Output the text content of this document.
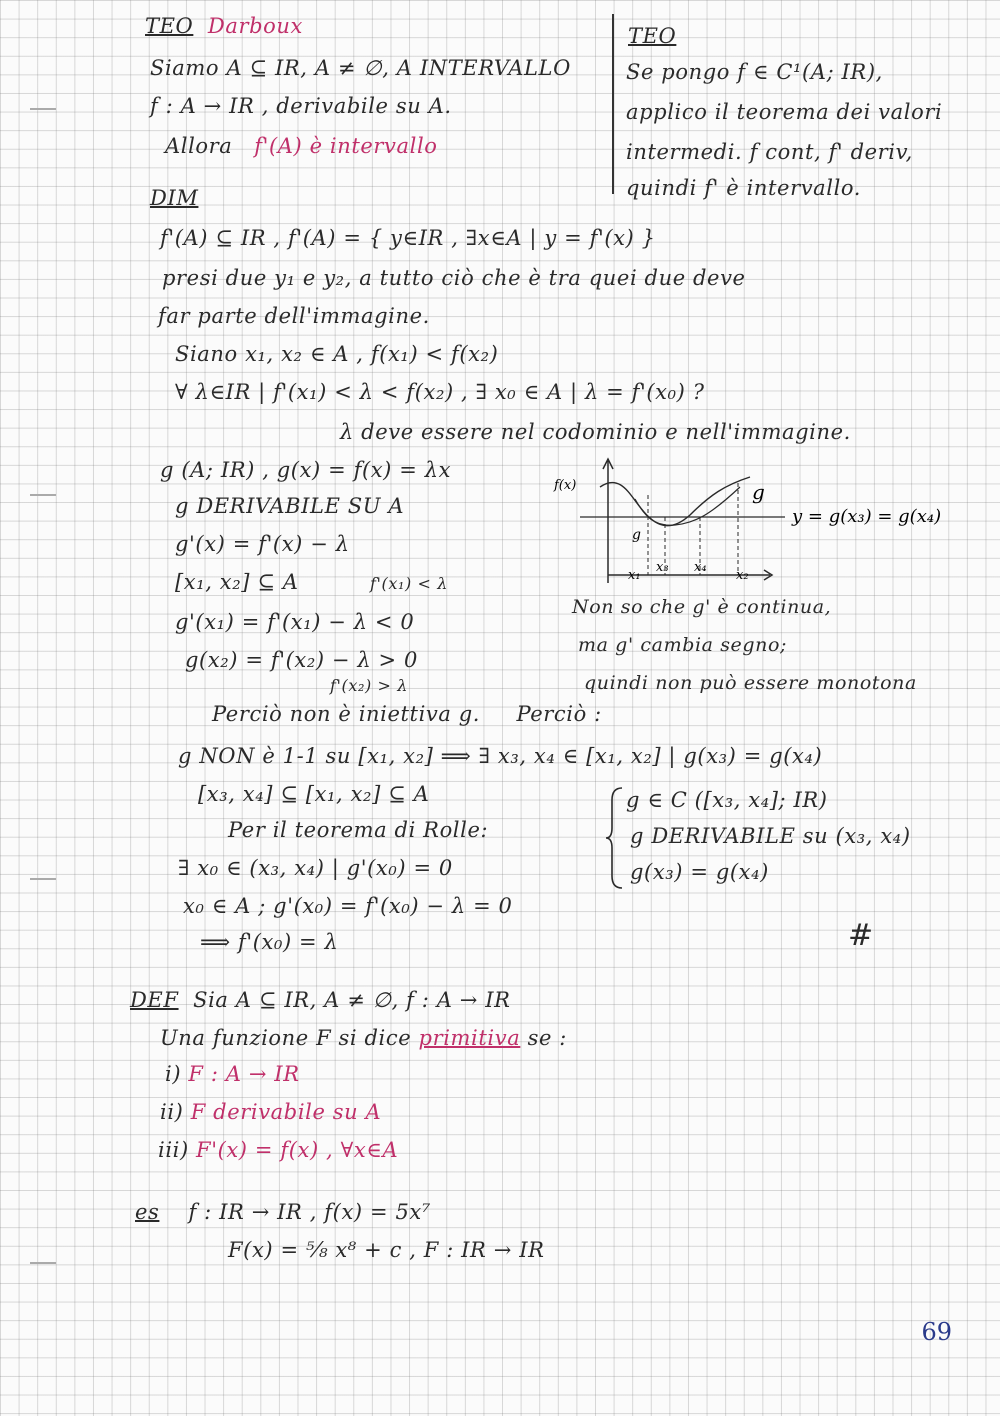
TEO Darboux
Siamo A ⊆ IR, A ≠ ∅, A INTERVALLO
f : A → IR , derivabile su A.
Allora f'(A) è intervallo
TEO
Se pongo f ∈ C¹(A; IR),
applico il teorema dei valori
intermedi. f cont, f' deriv,
quindi f' è intervallo.
DIM
f'(A) ⊆ IR , f'(A) = { y∈IR , ∃x∈A | y = f'(x) }
presi due y₁ e y₂, a tutto ciò che è tra quei due deve
far parte dell'immagine.
Siano x₁, x₂ ∈ A , f(x₁) < f(x₂)
∀ λ∈IR | f'(x₁) < λ < f(x₂) , ∃ x₀ ∈ A | λ = f'(x₀) ?
λ deve essere nel codominio e nell'immagine.
g (A; IR) , g(x) = f(x) = λx
g DERIVABILE SU A
g'(x) = f'(x) − λ
[x₁, x₂] ⊆ A	f'(x₁) < λ
g'(x₁) = f'(x₁) − λ < 0
g(x₂) = f'(x₂) − λ > 0
f'(x₂) > λ
Perciò non è iniettiva g. Perciò :
g NON è 1-1 su [x₁, x₂] ⟹ ∃ x₃, x₄ ∈ [x₁, x₂] | g(x₃) = g(x₄)
[x₃, x₄] ⊆ [x₁, x₂] ⊆ A
Per il teorema di Rolle:
∃ x₀ ∈ (x₃, x₄) | g'(x₀) = 0
x₀ ∈ A ; g'(x₀) = f'(x₀) − λ = 0
⟹ f'(x₀) = λ
g ∈ C ([x₃, x₄]; IR)
g DERIVABILE su (x₃, x₄)
g(x₃) = g(x₄)
#
f(x)	g
y = g(x₃) = g(x₄)
g
x₁
x₃ x₄
x₂
Non so che g' è continua,
ma g' cambia segno;
quindi non può essere monotona
DEF Sia A ⊆ IR, A ≠ ∅, f : A → IR
Una funzione F si dice primitiva se :
i) F : A → IR
ii) F derivabile su A
iii) F'(x) = f(x) , ∀x∈A
es f : IR → IR , f(x) = 5x⁷
F(x) = ⁵⁄₈ x⁸ + c , F : IR → IR
69
